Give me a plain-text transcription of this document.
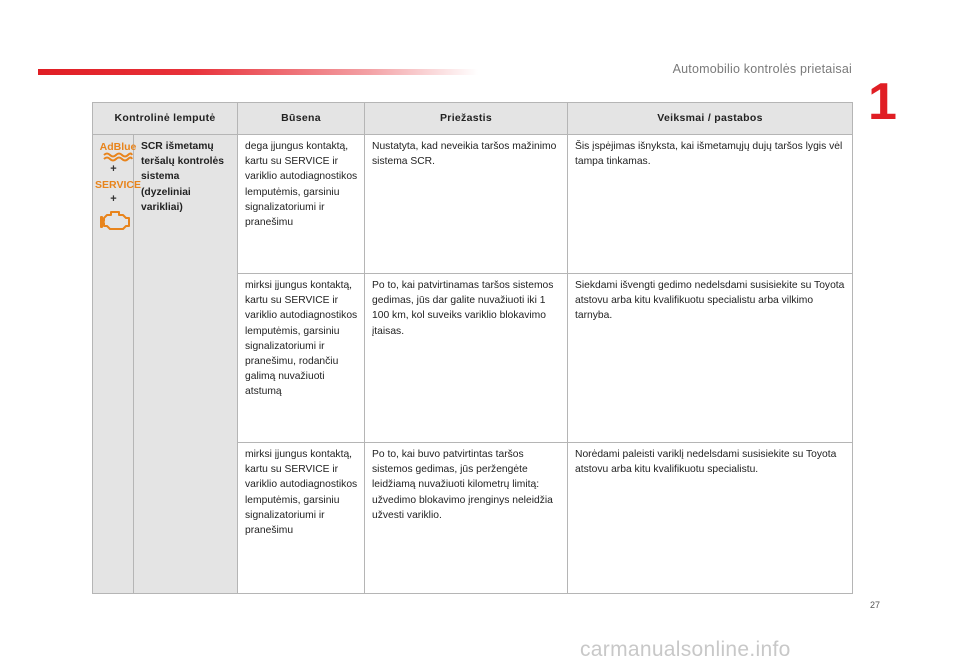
Automobilio kontrolės prietaisai
1
Kontrolinė lemputė		Būsena	Priežastis	Veiksmai / pastabos

AdBlue
+
SERVICE
+	SCR išmetamų teršalų kontrolės sistema (dyzeliniai varikliai)	dega įjungus kontaktą, kartu su SERVICE ir variklio autodiagnostikos lemputėmis, garsiniu signalizatoriumi ir pranešimu	Nustatyta, kad neveikia taršos mažinimo sistema SCR.	Šis įspėjimas išnyksta, kai išmetamųjų dujų taršos lygis vėl tampa tinkamas.
		mirksi įjungus kontaktą, kartu su SERVICE ir variklio autodiagnostikos lemputėmis, garsiniu signalizatoriumi ir pranešimu, rodančiu galimą nuvažiuoti atstumą	Po to, kai patvirtinamas taršos sistemos gedimas, jūs dar galite nuvažiuoti iki 1 100 km, kol suveiks variklio blokavimo įtaisas.	Siekdami išvengti gedimo nedelsdami susisiekite su Toyota atstovu arba kitu kvalifikuotu specialistu arba vilkimo tarnyba.
		mirksi įjungus kontaktą, kartu su SERVICE ir variklio autodiagnostikos lemputėmis, garsiniu signalizatoriumi ir pranešimu	Po to, kai buvo patvirtintas taršos sistemos gedimas, jūs peržengėte leidžiamą nuvažiuoti kilometrų limitą: užvedimo blokavimo įrenginys neleidžia užvesti variklio.	Norėdami paleisti variklį nedelsdami susisiekite su Toyota atstovu arba kitu kvalifikuotu specialistu.
27
carmanualsonline.info
